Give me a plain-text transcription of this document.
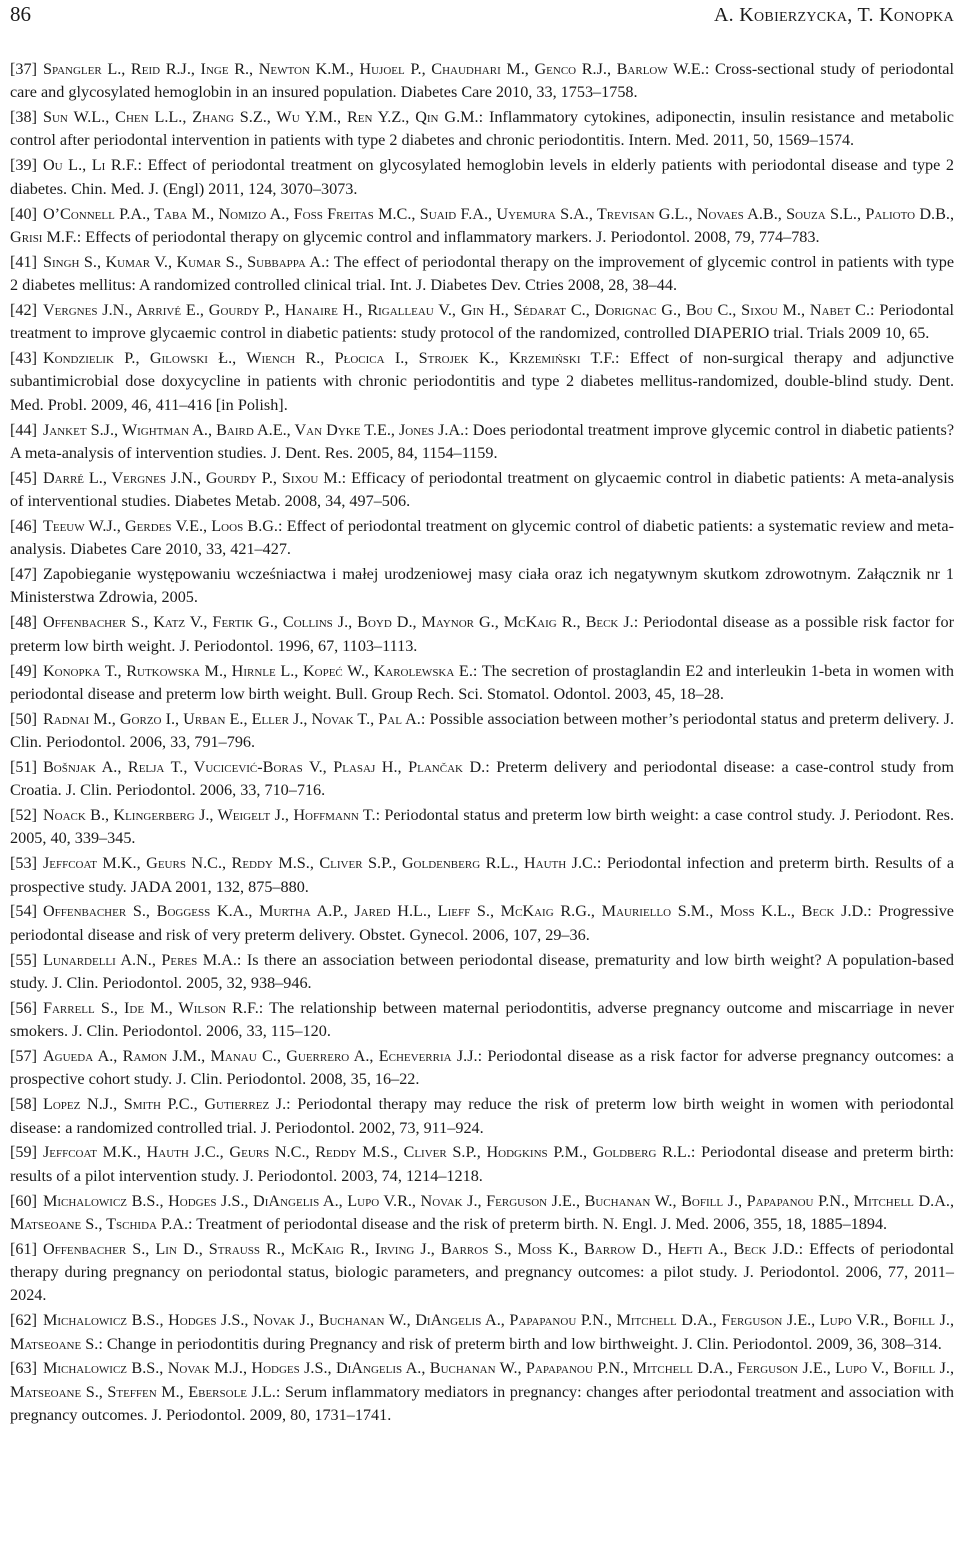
86	A. Kobierzycka, T. Konopka
[37] Spangler L., Reid R.J., Inge R., Newton K.M., Hujoel P., Chaudhari M., Genco R.J., Barlow W.E.: Cross-sectional study of periodontal care and glycosylated hemoglobin in an insured population. Diabetes Care 2010, 33, 1753–1758.
[38] Sun W.L., Chen L.L., Zhang S.Z., Wu Y.M., Ren Y.Z., Qin G.M.: Inflammatory cytokines, adiponectin, insulin resistance and metabolic control after periodontal intervention in patients with type 2 diabetes and chronic periodontitis. Intern. Med. 2011, 50, 1569–1574.
[39] Ou L., Li R.F.: Effect of periodontal treatment on glycosylated hemoglobin levels in elderly patients with periodontal disease and type 2 diabetes. Chin. Med. J. (Engl) 2011, 124, 3070–3073.
[40] O’Connell P.A., Taba M., Nomizo A., Foss Freitas M.C., Suaid F.A., Uyemura S.A., Trevisan G.L., Novaes A.B., Souza S.L., Palioto D.B., Grisi M.F.: Effects of periodontal therapy on glycemic control and inflammatory markers. J. Periodontol. 2008, 79, 774–783.
[41] Singh S., Kumar V., Kumar S., Subbappa A.: The effect of periodontal therapy on the improvement of glycemic control in patients with type 2 diabetes mellitus: A randomized controlled clinical trial. Int. J. Diabetes Dev. Ctries 2008, 28, 38–44.
[42] Vergnes J.N., Arrivé E., Gourdy P., Hanaire H., Rigalleau V., Gin H., Sédarat C., Dorignac G., Bou C., Sixou M., Nabet C.: Periodontal treatment to improve glycaemic control in diabetic patients: study protocol of the randomized, controlled DIAPERIO trial. Trials 2009 10, 65.
[43] Kondzielik P., Gilowski Ł., Wiench R., Płocica I., Strojek K., Krzemiński T.F.: Effect of non-surgical therapy and adjunctive subantimicrobial dose doxycycline in patients with chronic periodontitis and type 2 diabetes mellitus-randomized, double-blind study. Dent. Med. Probl. 2009, 46, 411–416 [in Polish].
[44] Janket S.J., Wightman A., Baird A.E., Van Dyke T.E., Jones J.A.: Does periodontal treatment improve glycemic control in diabetic patients? A meta-analysis of intervention studies. J. Dent. Res. 2005, 84, 1154–1159.
[45] Darré L., Vergnes J.N., Gourdy P., Sixou M.: Efficacy of periodontal treatment on glycaemic control in diabetic patients: A meta-analysis of interventional studies. Diabetes Metab. 2008, 34, 497–506.
[46] Teeuw W.J., Gerdes V.E., Loos B.G.: Effect of periodontal treatment on glycemic control of diabetic patients: a systematic review and meta-analysis. Diabetes Care 2010, 33, 421–427.
[47] Zapobieganie występowaniu wcześniactwa i małej urodzeniowej masy ciała oraz ich negatywnym skutkom zdrowotnym. Załącznik nr 1 Ministerstwa Zdrowia, 2005.
[48] Offenbacher S., Katz V., Fertik G., Collins J., Boyd D., Maynor G., McKaig R., Beck J.: Periodontal disease as a possible risk factor for preterm low birth weight. J. Periodontol. 1996, 67, 1103–1113.
[49] Konopka T., Rutkowska M., Hirnle L., Kopeć W., Karolewska E.: The secretion of prostaglandin E2 and interleukin 1-beta in women with periodontal disease and preterm low birth weight. Bull. Group Rech. Sci. Stomatol. Odontol. 2003, 45, 18–28.
[50] Radnai M., Gorzo I., Urban E., Eller J., Novak T., Pal A.: Possible association between mother’s periodontal status and preterm delivery. J. Clin. Periodontol. 2006, 33, 791–796.
[51] Bošnjak A., Relja T., Vucicević-Boras V., Plasaj H., Plančak D.: Preterm delivery and periodontal disease: a case-control study from Croatia. J. Clin. Periodontol. 2006, 33, 710–716.
[52] Noack B., Klingerberg J., Weigelt J., Hoffmann T.: Periodontal status and preterm low birth weight: a case control study. J. Periodont. Res. 2005, 40, 339–345.
[53] Jeffcoat M.K., Geurs N.C., Reddy M.S., Cliver S.P., Goldenberg R.L., Hauth J.C.: Periodontal infection and preterm birth. Results of a prospective study. JADA 2001, 132, 875–880.
[54] Offenbacher S., Boggess K.A., Murtha A.P., Jared H.L., Lieff S., McKaig R.G., Mauriello S.M., Moss K.L., Beck J.D.: Progressive periodontal disease and risk of very preterm delivery. Obstet. Gynecol. 2006, 107, 29–36.
[55] Lunardelli A.N., Peres M.A.: Is there an association between periodontal disease, prematurity and low birth weight? A population-based study. J. Clin. Periodontol. 2005, 32, 938–946.
[56] Farrell S., Ide M., Wilson R.F.: The relationship between maternal periodontitis, adverse pregnancy outcome and miscarriage in never smokers. J. Clin. Periodontol. 2006, 33, 115–120.
[57] Agueda A., Ramon J.M., Manau C., Guerrero A., Echeverria J.J.: Periodontal disease as a risk factor for adverse pregnancy outcomes: a prospective cohort study. J. Clin. Periodontol. 2008, 35, 16–22.
[58] Lopez N.J., Smith P.C., Gutierrez J.: Periodontal therapy may reduce the risk of preterm low birth weight in women with periodontal disease: a randomized controlled trial. J. Periodontol. 2002, 73, 911–924.
[59] Jeffcoat M.K., Hauth J.C., Geurs N.C., Reddy M.S., Cliver S.P., Hodgkins P.M., Goldberg R.L.: Periodontal disease and preterm birth: results of a pilot intervention study. J. Periodontol. 2003, 74, 1214–1218.
[60] Michalowicz B.S., Hodges J.S., DiAngelis A., Lupo V.R., Novak J., Ferguson J.E., Buchanan W., Bofill J., Papapanou P.N., Mitchell D.A., Matseoane S., Tschida P.A.: Treatment of periodontal disease and the risk of preterm birth. N. Engl. J. Med. 2006, 355, 18, 1885–1894.
[61] Offenbacher S., Lin D., Strauss R., McKaig R., Irving J., Barros S., Moss K., Barrow D., Hefti A., Beck J.D.: Effects of periodontal therapy during pregnancy on periodontal status, biologic parameters, and pregnancy outcomes: a pilot study. J. Periodontol. 2006, 77, 2011–2024.
[62] Michalowicz B.S., Hodges J.S., Novak J., Buchanan W., DiAngelis A., Papapanou P.N., Mitchell D.A., Ferguson J.E., Lupo V.R., Bofill J., Matseoane S.: Change in periodontitis during Pregnancy and risk of preterm birth and low birthweight. J. Clin. Periodontol. 2009, 36, 308–314.
[63] Michalowicz B.S., Novak M.J., Hodges J.S., DiAngelis A., Buchanan W., Papapanou P.N., Mitchell D.A., Ferguson J.E., Lupo V., Bofill J., Matseoane S., Steffen M., Ebersole J.L.: Serum inflammatory mediators in pregnancy: changes after periodontal treatment and association with pregnancy outcomes. J. Periodontol. 2009, 80, 1731–1741.
